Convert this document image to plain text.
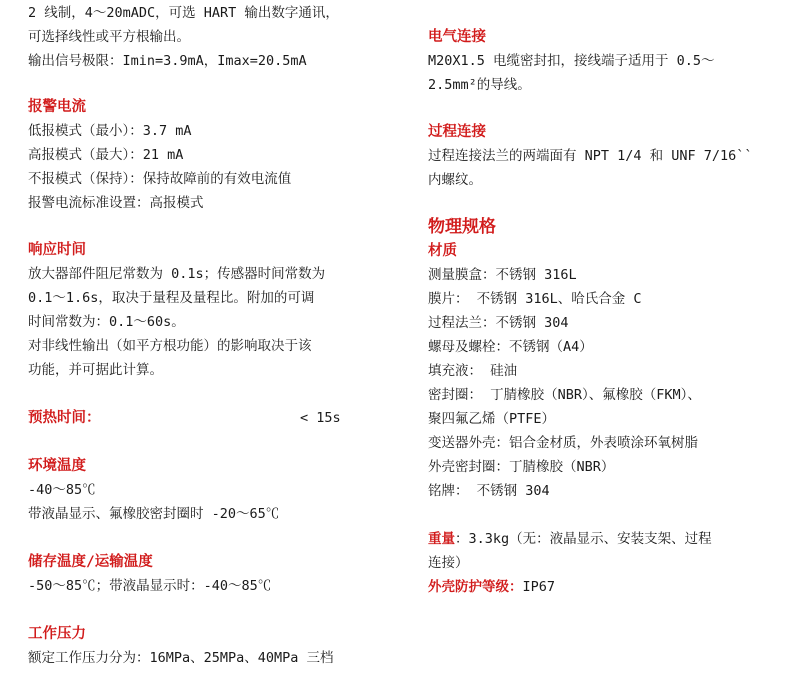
2 线制，4～20mADC，可选 HART 输出数字通讯，
可选择线性或平方根输出。
输出信号极限：Imin=3.9mA，Imax=20.5mA
报警电流
低报模式（最小）：3.7 mA
高报模式（最大）：21 mA
不报模式（保持）：保持故障前的有效电流值
报警电流标准设置：高报模式
响应时间
放大器部件阻尼常数为 0.1s；传感器时间常数为
0.1～1.6s，取决于量程及量程比。附加的可调
时间常数为：0.1～60s。
对非线性输出（如平方根功能）的影响取决于该
功能，并可据此计算。
预热时间：	< 15s
环境温度
-40～85℃
带液晶显示、氟橡胶密封圈时 -20～65℃
储存温度/运输温度
-50～85℃；带液晶显示时：-40～85℃
工作压力
额定工作压力分为：16MPa、25MPa、40MPa 三档
电气连接
M20X1.5 电缆密封扣，接线端子适用于 0.5～
2.5mm²的导线。
过程连接
过程连接法兰的两端面有 NPT 1/4 和 UNF 7/16``
内螺纹。
物理规格
材质
测量膜盒：不锈钢 316L
膜片： 不锈钢 316L、哈氏合金 C
过程法兰：不锈钢 304
螺母及螺栓：不锈钢（A4）
填充液： 硅油
密封圈： 丁腈橡胶（NBR）、氟橡胶（FKM）、
聚四氟乙烯（PTFE）
变送器外壳：铝合金材质，外表喷涂环氧树脂
外壳密封圈：丁腈橡胶（NBR）
铭牌： 不锈钢 304
重量：3.3kg（无：液晶显示、安装支架、过程
连接）
外壳防护等级：IP67
